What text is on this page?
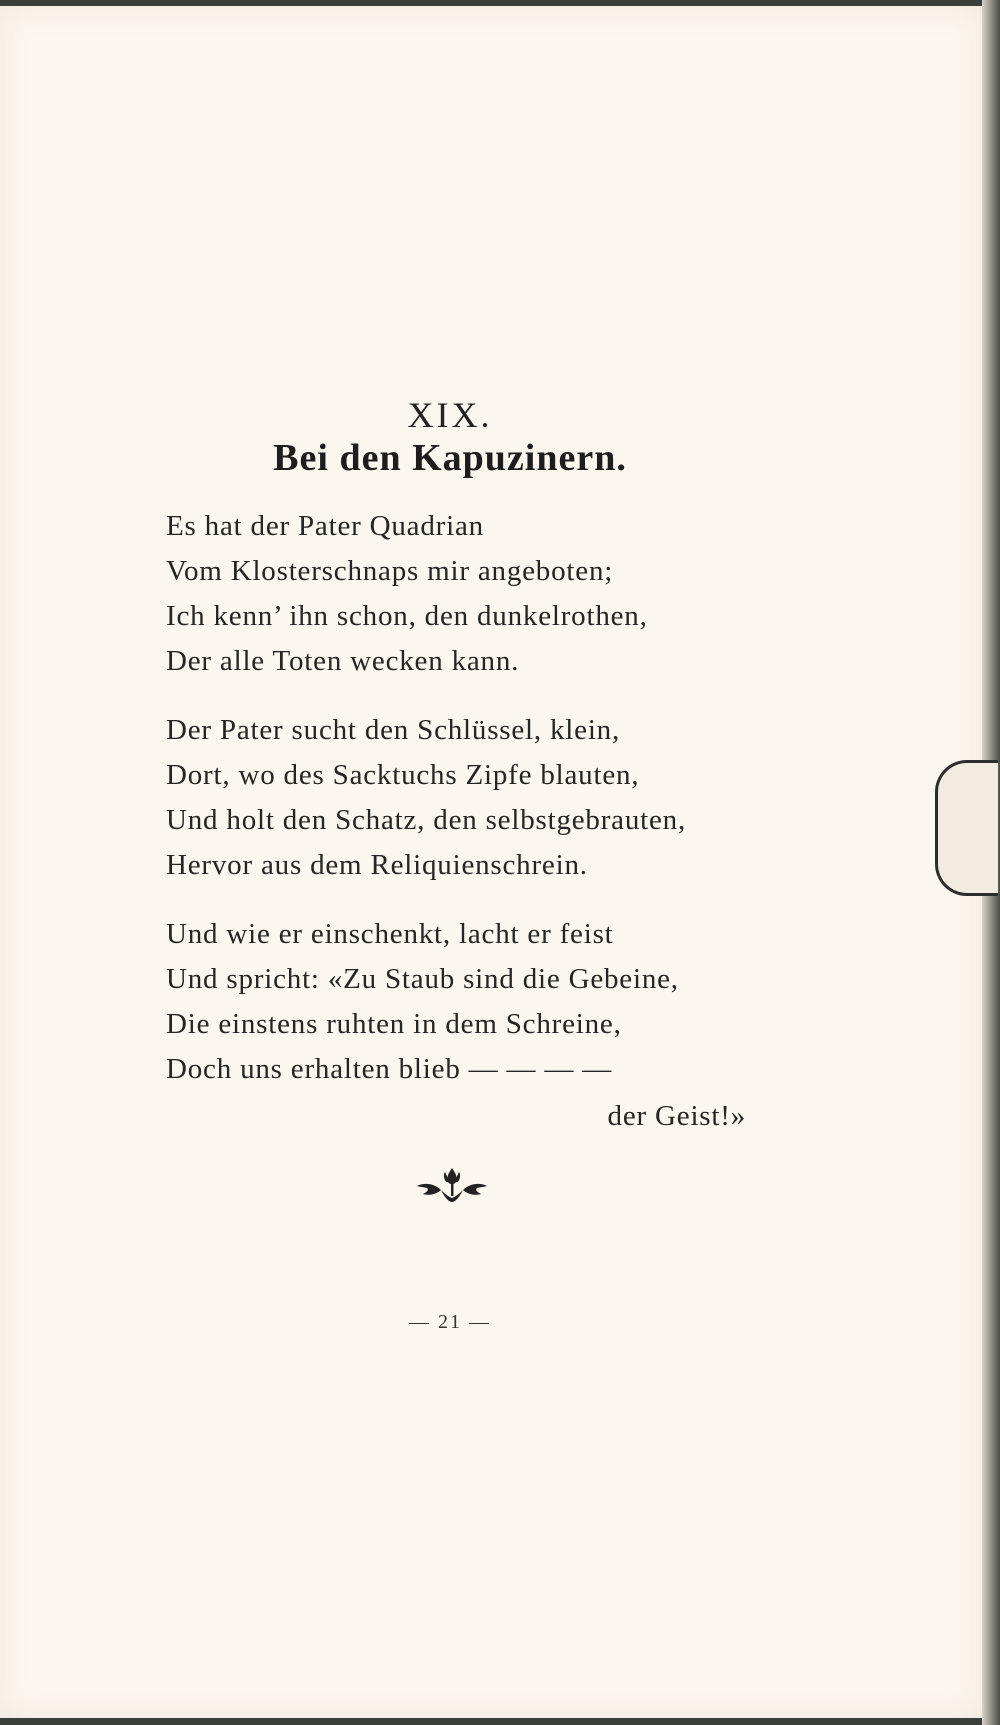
XIX.
Bei den Kapuzinern.
Es hat der Pater Quadrian
Vom Klosterschnaps mir angeboten;
Ich kenn’ ihn schon, den dunkelrothen,
Der alle Toten wecken kann.
Der Pater sucht den Schlüssel, klein,
Dort, wo des Sacktuchs Zipfe blauten,
Und holt den Schatz, den selbstgebrauten,
Hervor aus dem Reliquienschrein.
Und wie er einschenkt, lacht er feist
Und spricht: «Zu Staub sind die Gebeine,
Die einstens ruhten in dem Schreine,
Doch uns erhalten blieb — — — —
der Geist!»
— 21 —
